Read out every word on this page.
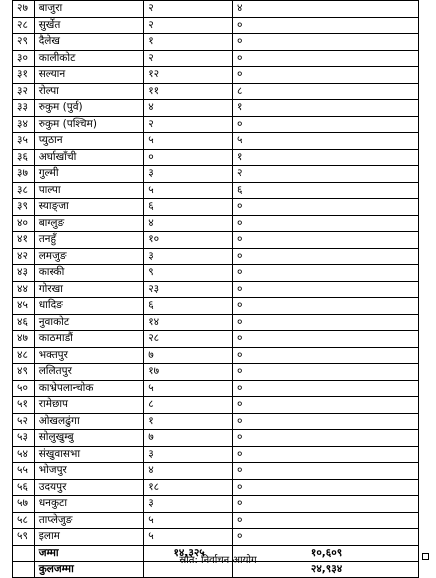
२७	बाजुरा	२	४
२८	सुर्खेत	२	०
२९	दैलेख	१	०
३०	कालीकोट	२	०
३१	सल्यान	१२	०
३२	रोल्पा	११	८
३३	रुकुम (पुर्व)	४	१
३४	रुकुम (पश्चिम)	२	०
३५	प्युठान	५	५
३६	अर्घाखाँची	०	१
३७	गुल्मी	३	२
३८	पाल्पा	५	६
३९	स्याङ्जा	६	०
४०	बाग्लुङ	४	०
४१	तनहुँ	१०	०
४२	लमजुङ	३	०
४३	कास्की	९	०
४४	गोरखा	२३	०
४५	धादिङ	६	०
४६	नुवाकोट	१४	०
४७	काठमाडौं	२८	०
४८	भक्तपुर	७	०
४९	ललितपुर	१७	०
५०	काभ्रेपलान्चोक	५	०
५१	रामेछाप	८	०
५२	ओखलढुंगा	१	०
५३	सोलुखुम्बु	७	०
५४	संखुवासभा	३	०
५५	भोजपुर	४	०
५६	उदयपुर	१८	०
५७	धनकुटा	३	०
५८	ताप्लेजुङ	५	०
५९	इलाम	५	०
	जम्मा	१४,३२५	१०,६०९
	कुलजम्मा		२४,९३४
स्रोत: निर्वाचन आयोग
